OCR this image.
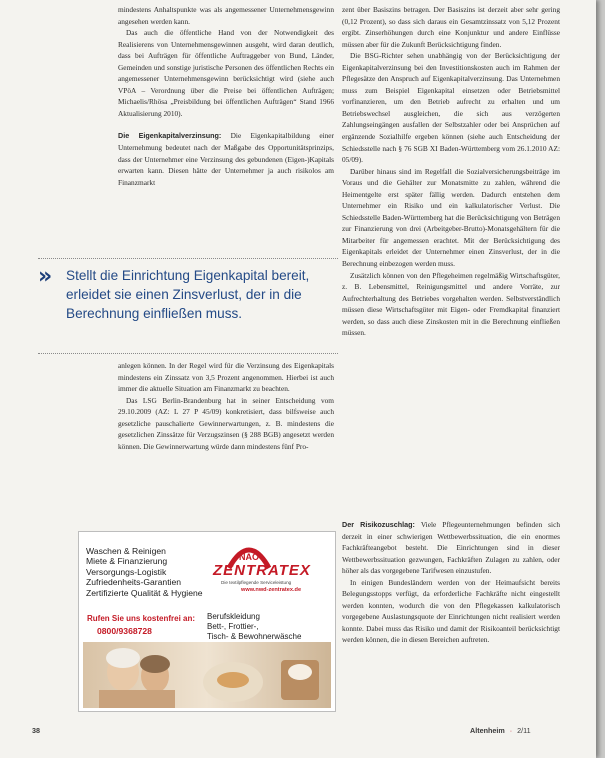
mindestens Anhaltspunkte was als angemessener Unternehmensgewinn angesehen werden kann.

Das auch die öffentliche Hand von der Notwendigkeit des Realisierens von Unternehmensgewinnen ausgeht, wird daran deutlich, dass bei Aufträgen für öffentliche Auftraggeber von Bund, Länder, Gemeinden und sonstige juristische Personen des öffentlichen Rechts ein angemessener Unternehmensgewinn berücksichtigt wird (siehe auch VPöA – Verordnung über die Preise bei öffentlichen Aufträgen; Michaelis/Rhösa „Preisbildung bei öffentlichen Aufträgen“ Stand 1966 Aktualisierung 2010).

Die Eigenkapitalverzinsung: Die Eigenkapitalbildung einer Unternehmung bedeutet nach der Maßgabe des Opportunitätsprinzips, dass der Unternehmer eine Verzinsung des gebundenen (Eigen-)Kapitals erwarten kann. Diesen hätte der Unternehmer ja auch risikolos am Finanzmarkt

» Stellt die Einrichtung Eigenkapital bereit, erleidet sie einen Zinsverlust, der in die Berechnung einfließen muss.

anlegen können. In der Regel wird für die Verzinsung des Eigenkapitals mindestens ein Zinssatz von 3,5 Prozent angenommen. Hierbei ist auch immer die aktuelle Situation am Finanzmarkt zu beachten.

Das LSG Berlin-Brandenburg hat in seiner Entscheidung vom 29.10.2009 (AZ: L 27 P 45/09) konkretisiert, dass bilfsweise auch gesetzliche pauschalierte Gewinnerwartungen, z. B. mindestens die gesetzlichen Zinssätze für Verzugszinsen (§ 288 BGB) angesetzt werden können. Die Gewinnerwartung würde dann mindestens fünf Pro-

zent über Basiszins betragen. Der Basiszins ist derzeit aber sehr gering (0,12 Prozent), so dass sich daraus ein Gesamtzinssatz von 5,12 Prozent ergibt. Zinserhöhungen durch eine Konjunktur und andere Einflüsse müssen aber für die Zukunft Berücksichtigung finden.

Die BSG-Richter sehen unabhängig von der Berücksichtigung der Eigenkapitalverzinsung bei den Investitionskosten auch im Rahmen der Pflegesätze den Anspruch auf Eigenkapitalverzinsung. Das Unternehmen muss zum Beispiel Eigenkapital einsetzen oder Betriebsmittel vorfinanzieren, um den Betrieb aufrecht zu erhalten und um Betriebswechsel ausgleichen, die sich aus verzögerten Zahlungseingängen ausfallen der Selbstzahler oder bei Ansprüchen auf ergänzende Sozialhilfe ergeben können (siehe auch Entscheidung der Schiedsstelle nach § 76 SGB XI Baden-Württemberg vom 26.1.2010 AZ: 05/09).

Darüber hinaus sind im Regelfall die Sozialversicherungsbeiträge im Voraus und die Gehälter zur Monatsmitte zu zahlen, während die Heimentgelte erst später fällig werden. Dadurch entstehen dem Unternehmer ein Risiko und ein kalkulatorischer Verlust. Die Schiedsstelle Baden-Württemberg hat die Berücksichtigung von Beträgen zur Finanzierung von drei (Arbeitgeber-Brutto)-Monatsgehältern für die Mitarbeiter für angemessen erachtet. Mit der Berücksichtigung des Eigenkapitals erleidet der Unternehmer einen Zinsverlust, der in die Berechnung einbezogen werden muss.

Zusätzlich können von den Pflegeheimen regelmäßig Wirtschaftsgüter, z. B. Lebensmittel, Reinigungsmittel und andere Vorräte, zur Aufrechterhaltung des Betriebes vorgehalten werden. Selbstverständlich müssen diese Wirtschaftsgüter mit Eigen- oder Fremdkapital finanziert werden, so dass auch diese Zinskosten mit in die Berechnung einfließen müssen.

Der Risikozuschlag: Viele Pflegeunternehmungen befinden sich derzeit in einer schwierigen Wettbewerbssituation, die ein enormes Fachkräfteangebot besteht. Die Einrichtungen sind in dieser Wettbewerbssituation gezwungen, Fachkräften Zulagen zu zahlen, oder höher als das vorgegebene Tarifwesen einzustufen.

In einigen Bundesländern werden von der Heimaufsicht bereits Belegungsstopps verfügt, da erforderliche Fachkräfte nicht eingestellt werden konnten, wodurch die von den Pflegekassen kalkulatorisch vorgegebene Auslastungsquote der Einrichtungen nicht realisiert werden konnte. Dabei muss das Risiko und damit der Risikoanteil berücksichtigt werden können, die in diesen Bereichen auftreten.

Waschen & Reinigen
Miete & Finanzierung
Versorgungs-Logistik
Zufriedenheits-Garantien
Zertifizierte Qualität & Hygiene
NAO
ZENTRATEX
Die textilpflegende Serviceleistung
www.nwd-zentratex.de
Rufen Sie uns kostenfrei an:
0800/9368728
Berufskleidung
Bett-, Frottier-,
Tisch- & Bewohnerwäsche
38	Altenheim · 2/11
